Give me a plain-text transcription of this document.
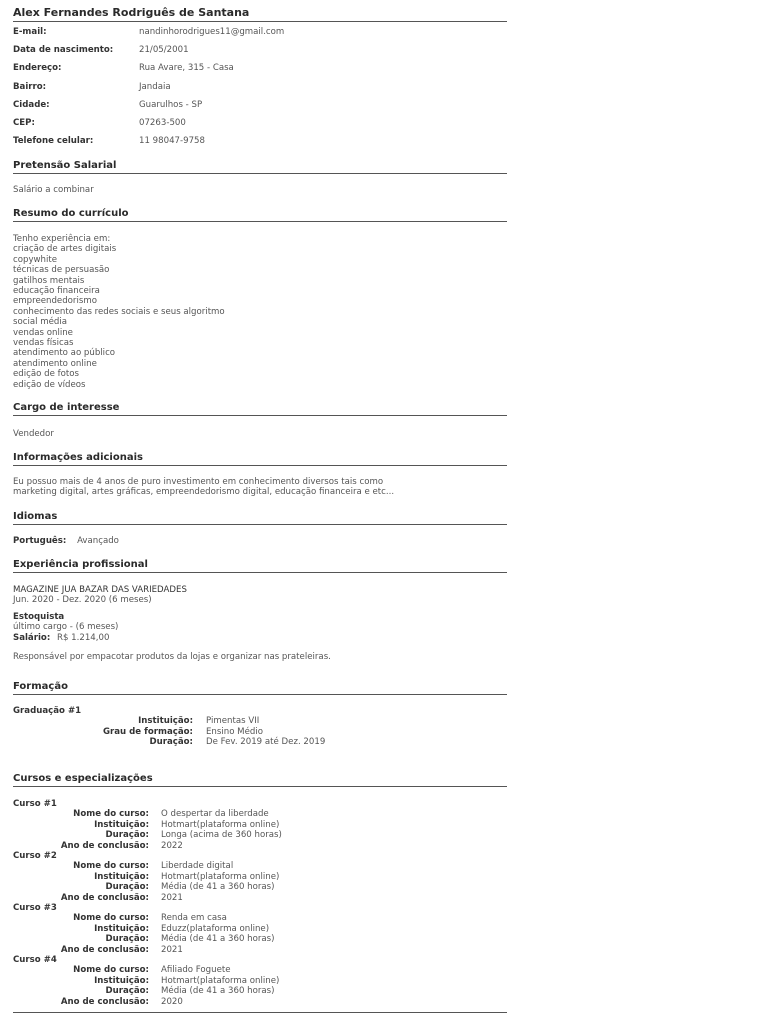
Alex Fernandes Rodriguês de Santana
E-mail:	nandinhorodrigues11@gmail.com
Data de nascimento:	21/05/2001
Endereço:	Rua Avare, 315 - Casa
Bairro:	Jandaia
Cidade:	Guarulhos - SP
CEP:	07263-500
Telefone celular:	11 98047-9758
Pretensão Salarial
Salário a combinar
Resumo do currículo
Tenho experiência em:
criação de artes digitais
copywhite
técnicas de persuasão
gatilhos mentais
educação financeira
empreendedorismo
conhecimento das redes sociais e seus algoritmo
social média
vendas online
vendas físicas
atendimento ao público
atendimento online
edição de fotos
edição de vídeos
Cargo de interesse
Vendedor
Informações adicionais
Eu possuo mais de 4 anos de puro investimento em conhecimento diversos tais como
marketing digital, artes gráficas, empreendedorismo digital, educação financeira e etc...
Idiomas
Português: Avançado
Experiência profissional
MAGAZINE JUA BAZAR DAS VARIEDADES
Jun. 2020 - Dez. 2020 (6 meses)
Estoquista
último cargo - (6 meses)
Salário: R$ 1.214,00
Responsável por empacotar produtos da lojas e organizar nas prateleiras.
Formação
Graduação #1
Instituição: Pimentas VII
Grau de formação: Ensino Médio
Duração: De Fev. 2019 até Dez. 2019
Cursos e especializações
Curso #1
Nome do curso: O despertar da liberdade
Instituição: Hotmart(plataforma online)
Duração: Longa (acima de 360 horas)
Ano de conclusão: 2022
Curso #2
Nome do curso: Liberdade digital
Instituição: Hotmart(plataforma online)
Duração: Média (de 41 a 360 horas)
Ano de conclusão: 2021
Curso #3
Nome do curso: Renda em casa
Instituição: Eduzz(plataforma online)
Duração: Média (de 41 a 360 horas)
Ano de conclusão: 2021
Curso #4
Nome do curso: Afiliado Foguete
Instituição: Hotmart(plataforma online)
Duração: Média (de 41 a 360 horas)
Ano de conclusão: 2020
